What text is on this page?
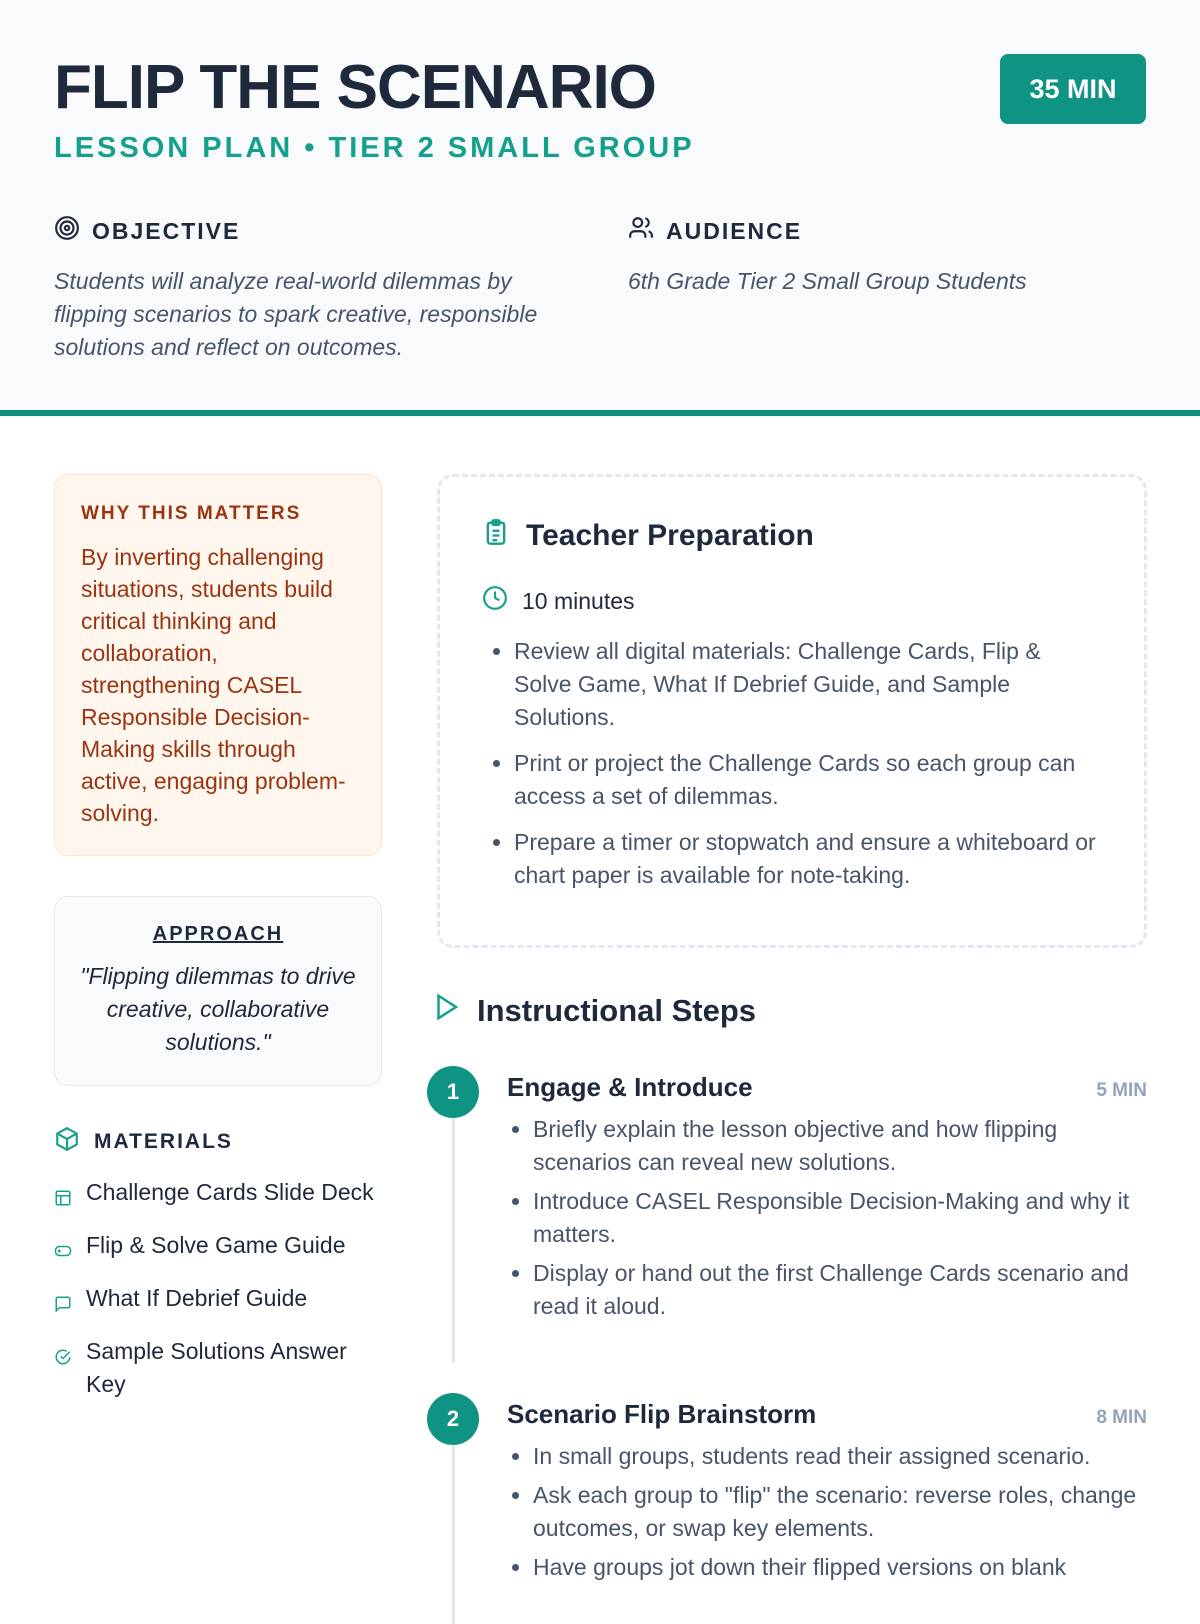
FLIP THE SCENARIO
LESSON PLAN • TIER 2 SMALL GROUP
35 MIN
OBJECTIVE

Students will analyze real-world dilemmas by flipping scenarios to spark creative, responsible solutions and reflect on outcomes.

AUDIENCE

6th Grade Tier 2 Small Group Students

WHY THIS MATTERS

By inverting challenging situations, students build critical thinking and collaboration, strengthening CASEL Responsible Decision-Making skills through active, engaging problem-solving.

APPROACH

"Flipping dilemmas to drive creative, collaborative solutions."

MATERIALS
Challenge Cards Slide Deck
Flip & Solve Game Guide
What If Debrief Guide
Sample Solutions Answer Key
Teacher Preparation
10 minutes
• Review all digital materials: Challenge Cards, Flip & Solve Game, What If Debrief Guide, and Sample Solutions.
• Print or project the Challenge Cards so each group can access a set of dilemmas.
• Prepare a timer or stopwatch and ensure a whiteboard or chart paper is available for note-taking.
Instructional Steps
1	Engage & Introduce	5 MIN
• Briefly explain the lesson objective and how flipping scenarios can reveal new solutions.
• Introduce CASEL Responsible Decision-Making and why it matters.
• Display or hand out the first Challenge Cards scenario and read it aloud.
2	Scenario Flip Brainstorm	8 MIN
• In small groups, students read their assigned scenario.
• Ask each group to "flip" the scenario: reverse roles, change outcomes, or swap key elements.
• Have groups jot down their flipped versions on blank
